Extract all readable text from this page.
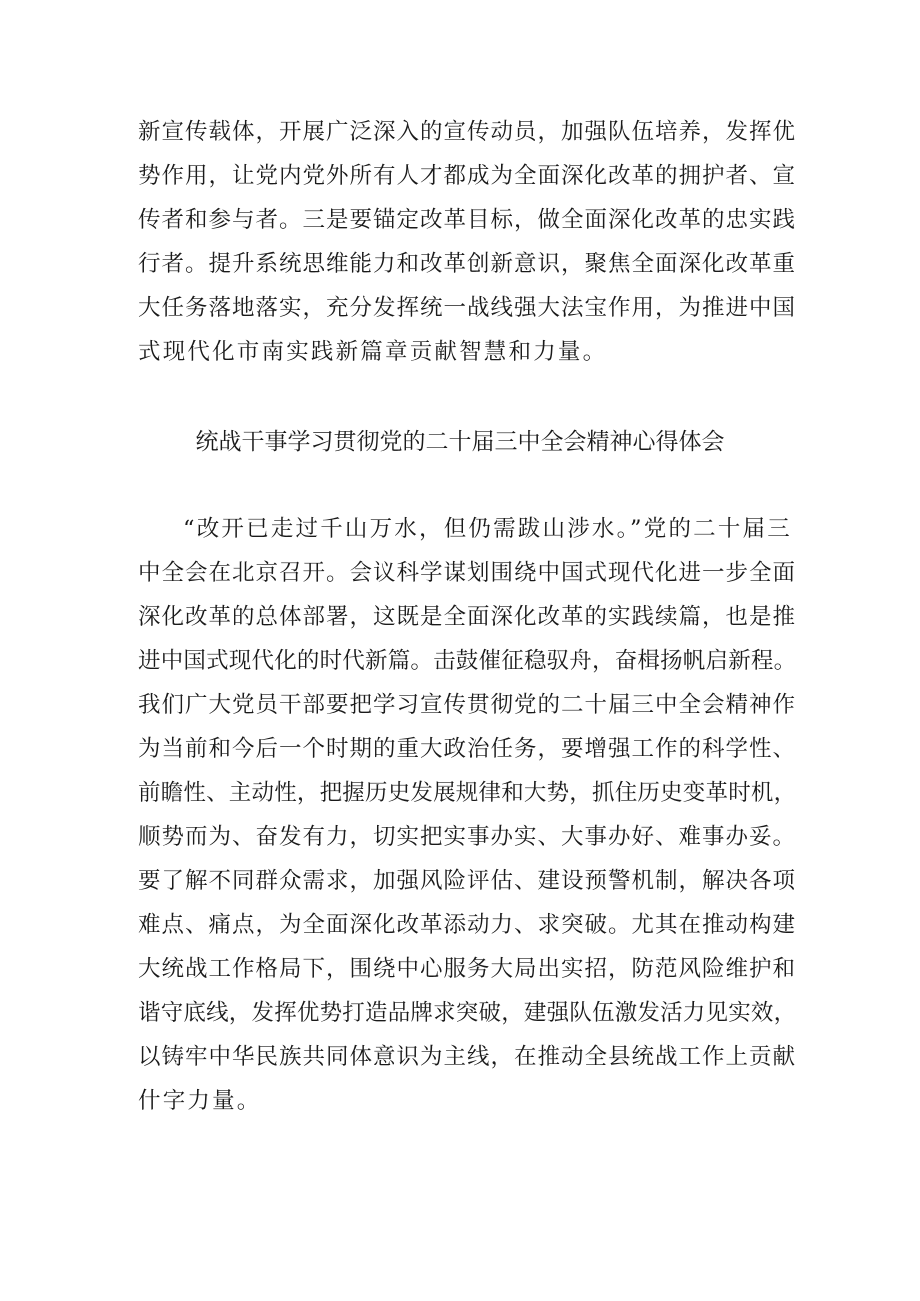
新宣传载体，开展广泛深入的宣传动员，加强队伍培养，发挥优
势作用，让党内党外所有人才都成为全面深化改革的拥护者、宣
传者和参与者。三是要锚定改革目标，做全面深化改革的忠实践
行者。提升系统思维能力和改革创新意识，聚焦全面深化改革重
大任务落地落实，充分发挥统一战线强大法宝作用，为推进中国
式现代化市南实践新篇章贡献智慧和力量。
统战干事学习贯彻党的二十届三中全会精神心得体会
“改开已走过千山万水，但仍需跋山涉水。”党的二十届三
中全会在北京召开。会议科学谋划围绕中国式现代化进一步全面
深化改革的总体部署，这既是全面深化改革的实践续篇，也是推
进中国式现代化的时代新篇。击鼓催征稳驭舟，奋楫扬帆启新程。
我们广大党员干部要把学习宣传贯彻党的二十届三中全会精神作
为当前和今后一个时期的重大政治任务，要增强工作的科学性、
前瞻性、主动性，把握历史发展规律和大势，抓住历史变革时机，
顺势而为、奋发有力，切实把实事办实、大事办好、难事办妥。
要了解不同群众需求，加强风险评估、建设预警机制，解决各项
难点、痛点，为全面深化改革添动力、求突破。尤其在推动构建
大统战工作格局下，围绕中心服务大局出实招，防范风险维护和
谐守底线，发挥优势打造品牌求突破，建强队伍激发活力见实效，
以铸牢中华民族共同体意识为主线，在推动全县统战工作上贡献
什字力量。
